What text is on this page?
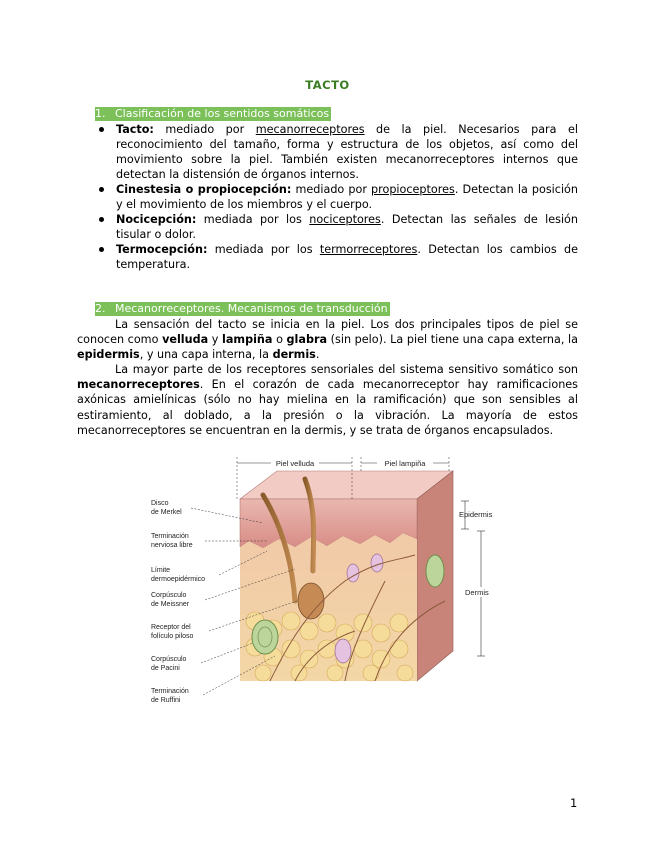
TACTO
1. Clasificación de los sentidos somáticos
Tacto: mediado por mecanorreceptores de la piel. Necesarios para el reconocimiento del tamaño, forma y estructura de los objetos, así como del movimiento sobre la piel. También existen mecanorreceptores internos que detectan la distensión de órganos internos.
Cinestesia o propiocepción: mediado por propioceptores. Detectan la posición y el movimiento de los miembros y el cuerpo.
Nocicepción: mediada por los nociceptores. Detectan las señales de lesión tisular o dolor.
Termocepción: mediada por los termorreceptores. Detectan los cambios de temperatura.
2. Mecanorreceptores. Mecanismos de transducción

La sensación del tacto se inicia en la piel. Los dos principales tipos de piel se conocen como velluda y lampiña o glabra (sin pelo). La piel tiene una capa externa, la epidermis, y una capa interna, la dermis.

La mayor parte de los receptores sensoriales del sistema sensitivo somático son mecanorreceptores. En el corazón de cada mecanorreceptor hay ramificaciones axónicas amielínicas (sólo no hay mielina en la ramificación) que son sensibles al estiramiento, al doblado, a la presión o la vibración. La mayoría de estos mecanorreceptores se encuentran en la dermis, y se trata de órganos encapsulados.

Piel velluda	Piel lampiña
Epidermis
Dermis
Disco
de Merkel
Terminación
nerviosa libre
Límite
dermoepidérmico
Corpúsculo
de Meissner
Receptor del
folículo piloso
Corpúsculo
de Pacini
Terminación
de Ruffini
1
